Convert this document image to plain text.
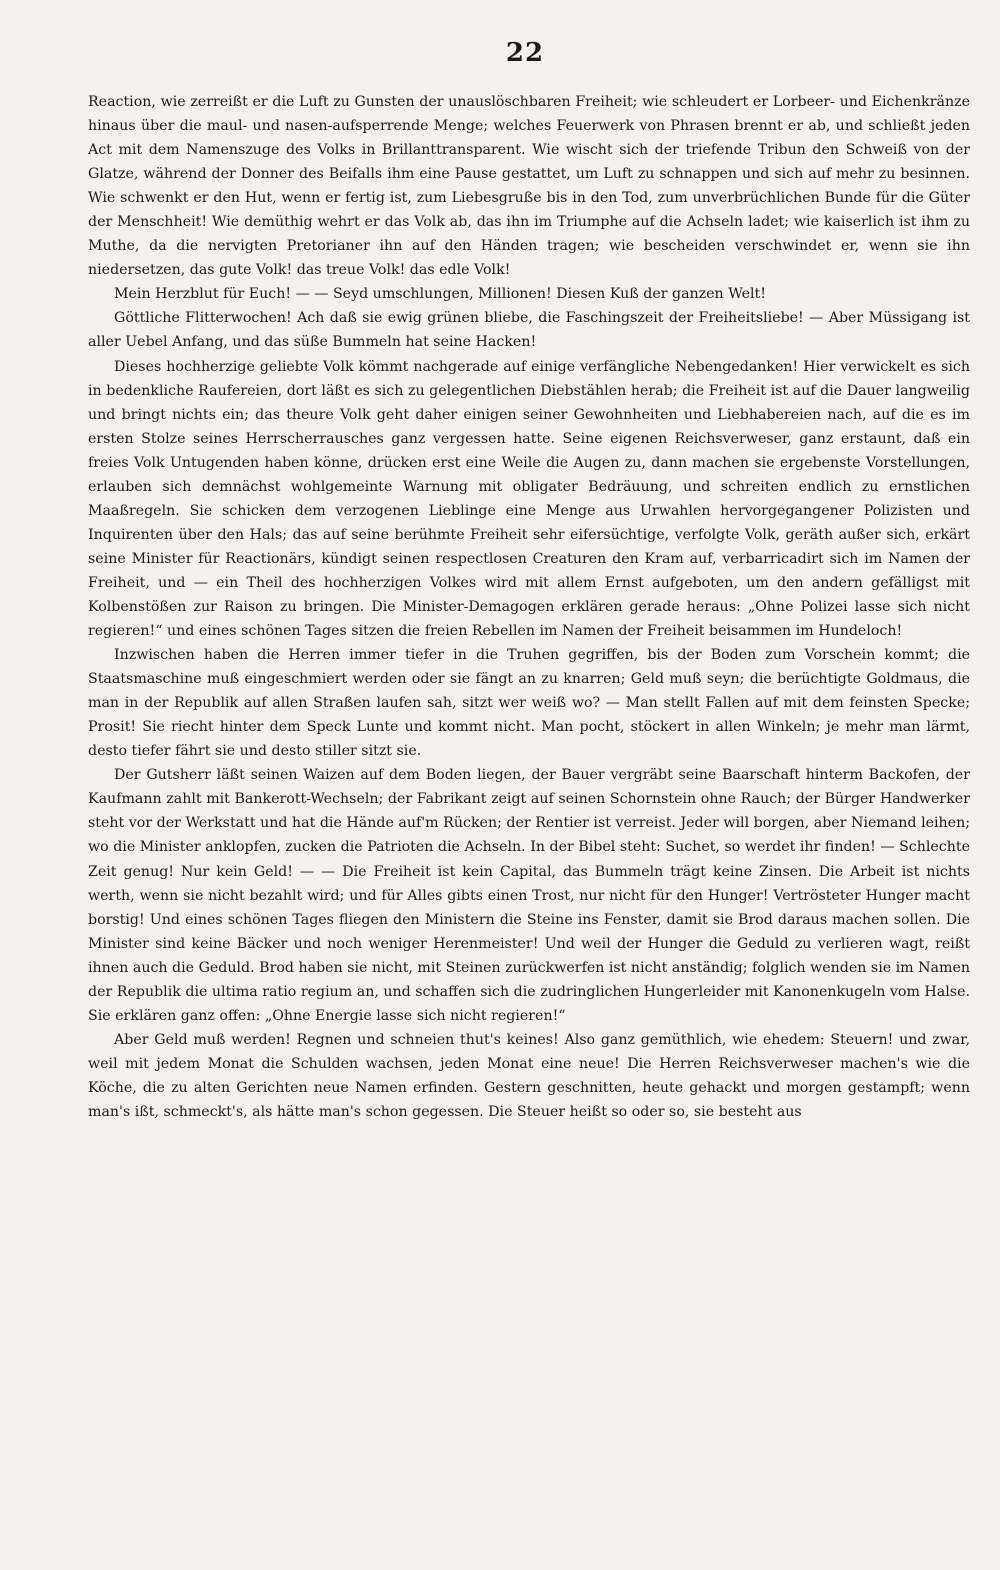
22

Reaction, wie zerreißt er die Luft zu Gunsten der unauslöschbaren Freiheit; wie schleudert er Lorbeer- und Eichenkränze hinaus über die maul- und nasen-aufsperrende Menge; welches Feuerwerk von Phrasen brennt er ab, und schließt jeden Act mit dem Namenszuge des Volks in Brillanttransparent. Wie wischt sich der triefende Tribun den Schweiß von der Glatze, während der Donner des Beifalls ihm eine Pause gestattet, um Luft zu schnappen und sich auf mehr zu besinnen. Wie schwenkt er den Hut, wenn er fertig ist, zum Liebesgruße bis in den Tod, zum unverbrüchlichen Bunde für die Güter der Menschheit! Wie demüthig wehrt er das Volk ab, das ihn im Triumphe auf die Achseln ladet; wie kaiserlich ist ihm zu Muthe, da die nervigten Pretorianer ihn auf den Händen tragen; wie bescheiden verschwindet er, wenn sie ihn niedersetzen, das gute Volk! das treue Volk! das edle Volk!

Mein Herzblut für Euch! — — Seyd umschlungen, Millionen! Diesen Kuß der ganzen Welt!

Göttliche Flitterwochen! Ach daß sie ewig grünen bliebe, die Faschingszeit der Freiheitsliebe! — Aber Müssigang ist aller Uebel Anfang, und das süße Bummeln hat seine Hacken!

Dieses hochherzige geliebte Volk kömmt nachgerade auf einige verfängliche Nebengedanken! Hier verwickelt es sich in bedenkliche Raufereien, dort läßt es sich zu gelegentlichen Diebstählen herab; die Freiheit ist auf die Dauer langweilig und bringt nichts ein; das theure Volk geht daher einigen seiner Gewohnheiten und Liebhabereien nach, auf die es im ersten Stolze seines Herrscherrausches ganz vergessen hatte. Seine eigenen Reichsverweser, ganz erstaunt, daß ein freies Volk Untugenden haben könne, drücken erst eine Weile die Augen zu, dann machen sie ergebenste Vorstellungen, erlauben sich demnächst wohlgemeinte Warnung mit obligater Bedräuung, und schreiten endlich zu ernstlichen Maaßregeln. Sie schicken dem verzogenen Lieblinge eine Menge aus Urwahlen hervorgegangener Polizisten und Inquirenten über den Hals; das auf seine berühmte Freiheit sehr eifersüchtige, verfolgte Volk, geräth außer sich, erkärt seine Minister für Reactionärs, kündigt seinen respectlosen Creaturen den Kram auf, verbarricadirt sich im Namen der Freiheit, und — ein Theil des hochherzigen Volkes wird mit allem Ernst aufgeboten, um den andern gefälligst mit Kolbenstößen zur Raison zu bringen. Die Minister-Demagogen erklären gerade heraus: „Ohne Polizei lasse sich nicht regieren!“ und eines schönen Tages sitzen die freien Rebellen im Namen der Freiheit beisammen im Hundeloch!

Inzwischen haben die Herren immer tiefer in die Truhen gegriffen, bis der Boden zum Vorschein kommt; die Staatsmaschine muß eingeschmiert werden oder sie fängt an zu knarren; Geld muß seyn; die berüchtigte Goldmaus, die man in der Republik auf allen Straßen laufen sah, sitzt wer weiß wo? — Man stellt Fallen auf mit dem feinsten Specke; Prosit! Sie riecht hinter dem Speck Lunte und kommt nicht. Man pocht, stöckert in allen Winkeln; je mehr man lärmt, desto tiefer fährt sie und desto stiller sitzt sie.

Der Gutsherr läßt seinen Waizen auf dem Boden liegen, der Bauer vergräbt seine Baarschaft hinterm Backofen, der Kaufmann zahlt mit Bankerott-Wechseln; der Fabrikant zeigt auf seinen Schornstein ohne Rauch; der Bürger Handwerker steht vor der Werkstatt und hat die Hände auf'm Rücken; der Rentier ist verreist. Jeder will borgen, aber Niemand leihen; wo die Minister anklopfen, zucken die Patrioten die Achseln. In der Bibel steht: Suchet, so werdet ihr finden! — Schlechte Zeit genug! Nur kein Geld! — — Die Freiheit ist kein Capital, das Bummeln trägt keine Zinsen. Die Arbeit ist nichts werth, wenn sie nicht bezahlt wird; und für Alles gibts einen Trost, nur nicht für den Hunger! Vertrösteter Hunger macht borstig! Und eines schönen Tages fliegen den Ministern die Steine ins Fenster, damit sie Brod daraus machen sollen. Die Minister sind keine Bäcker und noch weniger Herenmeister! Und weil der Hunger die Geduld zu verlieren wagt, reißt ihnen auch die Geduld. Brod haben sie nicht, mit Steinen zurückwerfen ist nicht anständig; folglich wenden sie im Namen der Republik die ultima ratio regium an, und schaffen sich die zudringlichen Hungerleider mit Kanonenkugeln vom Halse. Sie erklären ganz offen: „Ohne Energie lasse sich nicht regieren!“

Aber Geld muß werden! Regnen und schneien thut's keines! Also ganz gemüthlich, wie ehedem: Steuern! und zwar, weil mit jedem Monat die Schulden wachsen, jeden Monat eine neue! Die Herren Reichsverweser machen's wie die Köche, die zu alten Gerichten neue Namen erfinden. Gestern geschnitten, heute gehackt und morgen gestampft; wenn man's ißt, schmeckt's, als hätte man's schon gegessen. Die Steuer heißt so oder so, sie besteht aus
